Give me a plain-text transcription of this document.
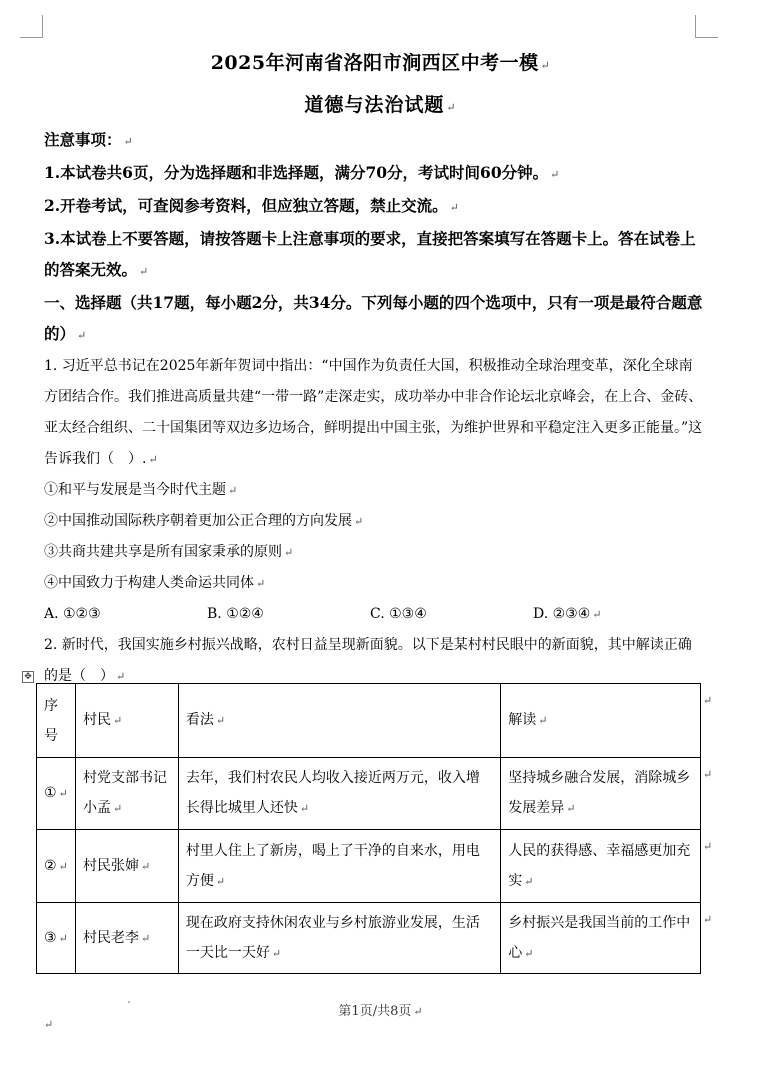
2025年河南省洛阳市涧西区中考一模 ↵
道德与法治试题 ↵
注意事项： ↵
1.本试卷共6页，分为选择题和非选择题，满分70分，考试时间60分钟。 ↵
2.开卷考试，可查阅参考资料，但应独立答题，禁止交流。 ↵
3.本试卷上不要答题，请按答题卡上注意事项的要求，直接把答案填写在答题卡上。答在试卷上的答案无效。 ↵
一、选择题（共17题，每小题2分，共34分。下列每小题的四个选项中，只有一项是最符合题意的） ↵
1. 习近平总书记在2025年新年贺词中指出：“中国作为负责任大国，积极推动全球治理变革，深化全球南方团结合作。我们推进高质量共建“一带一路”走深走实，成功举办中非合作论坛北京峰会，在上合、金砖、亚太经合组织、二十国集团等双边多边场合，鲜明提出中国主张，为维护世界和平稳定注入更多正能量。”这告诉我们（　）. ↵
①和平与发展是当今时代主题 ↵
②中国推动国际秩序朝着更加公正合理的方向发展 ↵
③共商共建共享是所有国家秉承的原则 ↵
④中国致力于构建人类命运共同体 ↵
A. ①②③	B. ①②④	C. ①③④	D. ②③④ ↵
2. 新时代，我国实施乡村振兴战略，农村日益呈现新面貌。以下是某村村民眼中的新面貌，其中解读正确的是（　） ↵
✥
序号	村民 ↵	看法 ↵	解读 ↵
① ↵	村党支部书记小孟 ↵	去年，我们村农民人均收入接近两万元，收入增长得比城里人还快 ↵	坚持城乡融合发展，消除城乡发展差异 ↵
② ↵	村民张婶 ↵	村里人住上了新房，喝上了干净的自来水，用电方便 ↵	人民的获得感、幸福感更加充实 ↵
③ ↵	村民老李 ↵	现在政府支持休闲农业与乡村旅游业发展，生活一天比一天好 ↵	乡村振兴是我国当前的工作中心 ↵
↵
↵
↵
↵
第1页/共8页 ↵
↵
